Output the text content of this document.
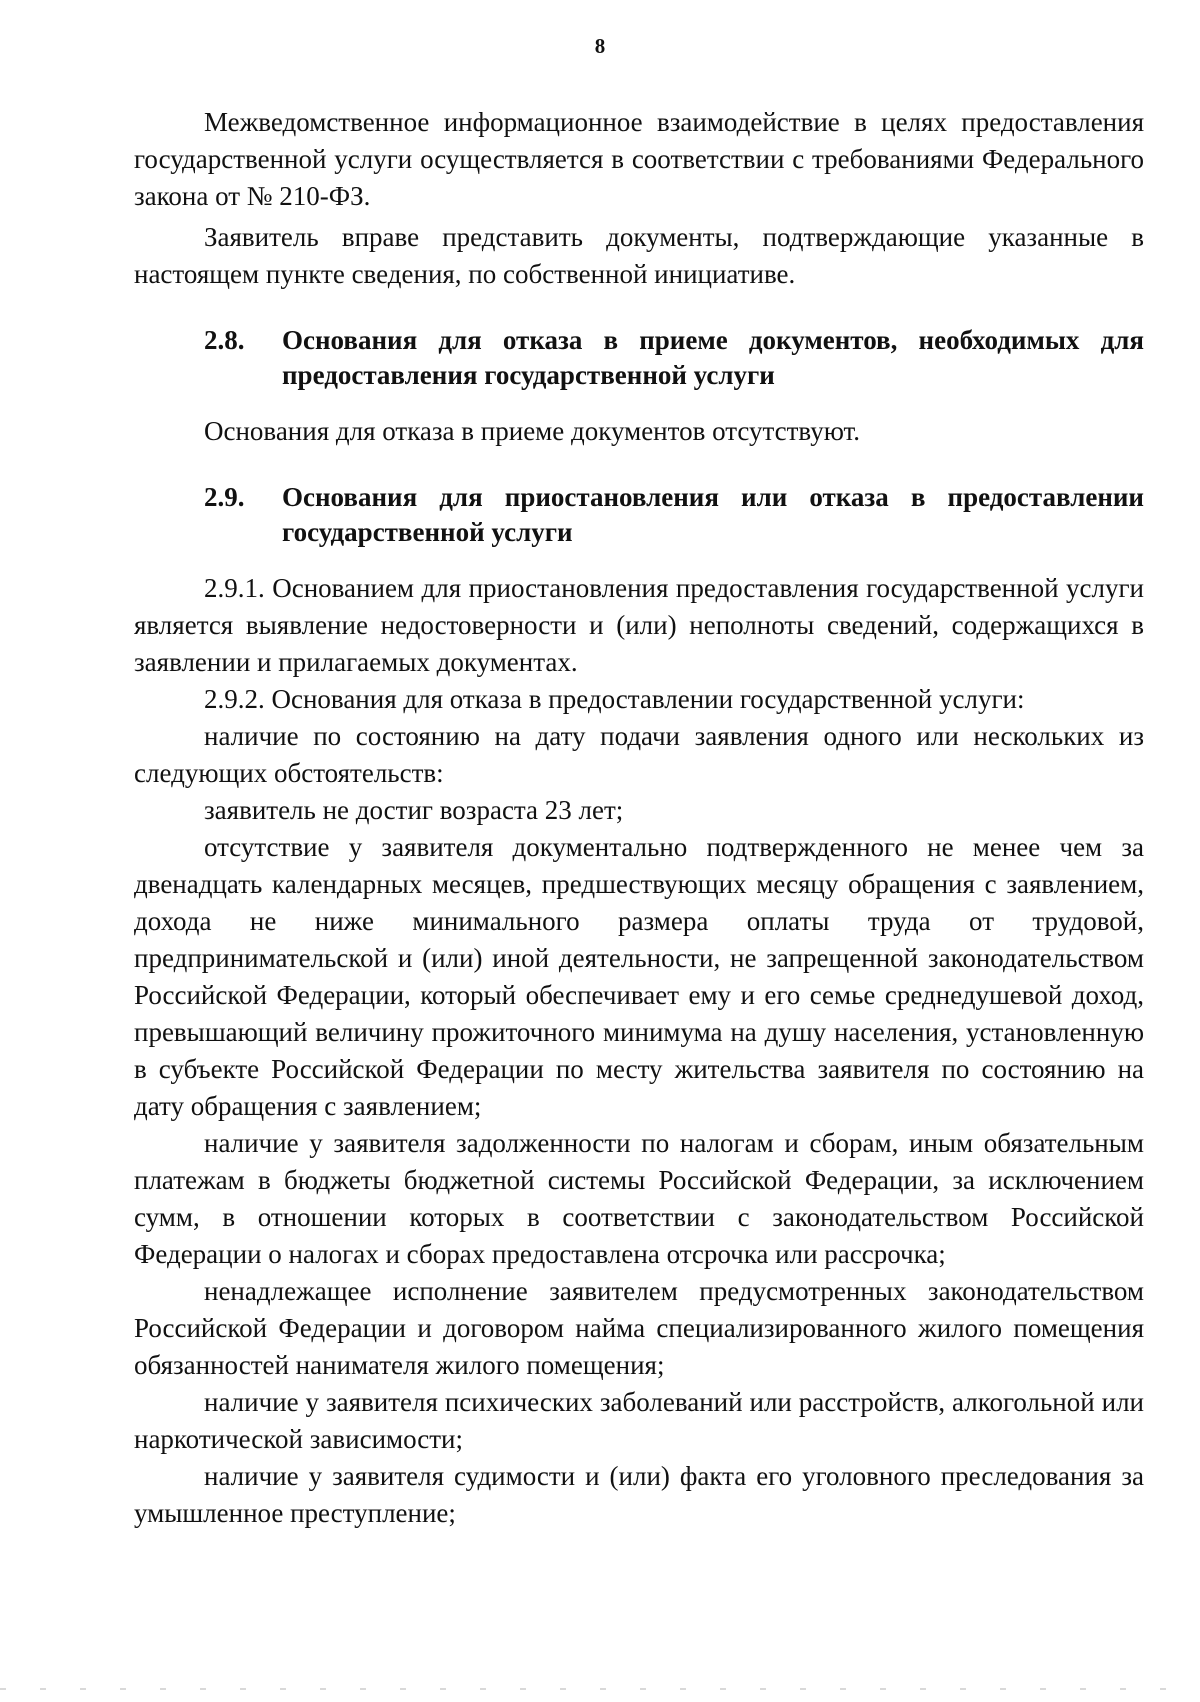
8

Межведомственное информационное взаимодействие в целях предоставления государственной услуги осуществляется в соответствии с требованиями Федерального закона от № 210-ФЗ.

Заявитель вправе представить документы, подтверждающие указанные в настоящем пункте сведения, по собственной инициативе.

2.8.	Основания для отказа в приеме документов, необходимых для предоставления государственной услуги

Основания для отказа в приеме документов отсутствуют.

2.9.	Основания для приостановления или отказа в предоставлении государственной услуги

2.9.1. Основанием для приостановления предоставления государственной услуги является выявление недостоверности и (или) неполноты сведений, содержащихся в заявлении и прилагаемых документах.

2.9.2. Основания для отказа в предоставлении государственной услуги:

наличие по состоянию на дату подачи заявления одного или нескольких из следующих обстоятельств:

заявитель не достиг возраста 23 лет;

отсутствие у заявителя документально подтвержденного не менее чем за двенадцать календарных месяцев, предшествующих месяцу обращения с заявлением, дохода не ниже минимального размера оплаты труда от трудовой, предпринимательской и (или) иной деятельности, не запрещенной законодательством Российской Федерации, который обеспечивает ему и его семье среднедушевой доход, превышающий величину прожиточного минимума на душу населения, установленную в субъекте Российской Федерации по месту жительства заявителя по состоянию на дату обращения с заявлением;

наличие у заявителя задолженности по налогам и сборам, иным обязательным платежам в бюджеты бюджетной системы Российской Федерации, за исключением сумм, в отношении которых в соответствии с законодательством Российской Федерации о налогах и сборах предоставлена отсрочка или рассрочка;

ненадлежащее исполнение заявителем предусмотренных законодательством Российской Федерации и договором найма специализированного жилого помещения обязанностей нанимателя жилого помещения;

наличие у заявителя психических заболеваний или расстройств, алкогольной или наркотической зависимости;

наличие у заявителя судимости и (или) факта его уголовного преследования за умышленное преступление;
